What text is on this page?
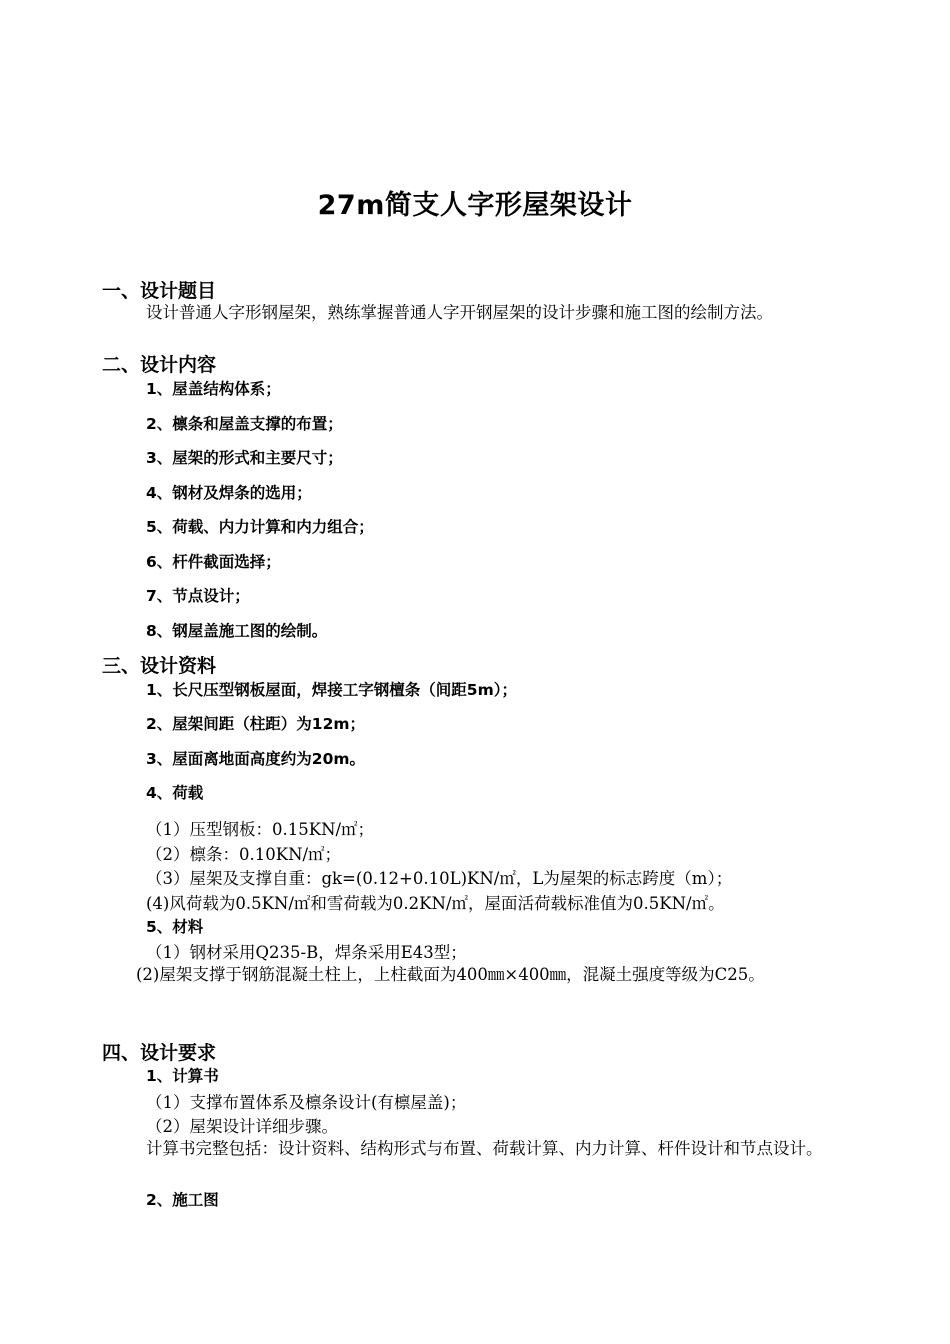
27m简支人字形屋架设计
一、设计题目
设计普通人字形钢屋架，熟练掌握普通人字开钢屋架的设计步骤和施工图的绘制方法。
二、设计内容
1、屋盖结构体系；
2、檩条和屋盖支撑的布置；
3、屋架的形式和主要尺寸；
4、钢材及焊条的选用；
5、荷载、内力计算和内力组合；
6、杆件截面选择；
7、节点设计；
8、钢屋盖施工图的绘制。
三、设计资料
1、长尺压型钢板屋面，焊接工字钢檀条（间距5m）；
2、屋架间距（柱距）为12m；
3、屋面离地面高度约为20m。
4、荷载
（1）压型钢板：0.15KN/㎡；
（2）檩条：0.10KN/㎡；
（3）屋架及支撑自重：gk=(0.12+0.10L)KN/㎡，L为屋架的标志跨度（m）；
(4)风荷载为0.5KN/㎡和雪荷载为0.2KN/㎡，屋面活荷载标准值为0.5KN/㎡。
5、材料
（1）钢材采用Q235-B，焊条采用E43型；
(2)屋架支撑于钢筋混凝土柱上，上柱截面为400㎜×400㎜，混凝土强度等级为C25。
四、设计要求
1、计算书
（1）支撑布置体系及檩条设计(有檩屋盖)；
（2）屋架设计详细步骤。
计算书完整包括：设计资料、结构形式与布置、荷载计算、内力计算、杆件设计和节点设计。
2、施工图
